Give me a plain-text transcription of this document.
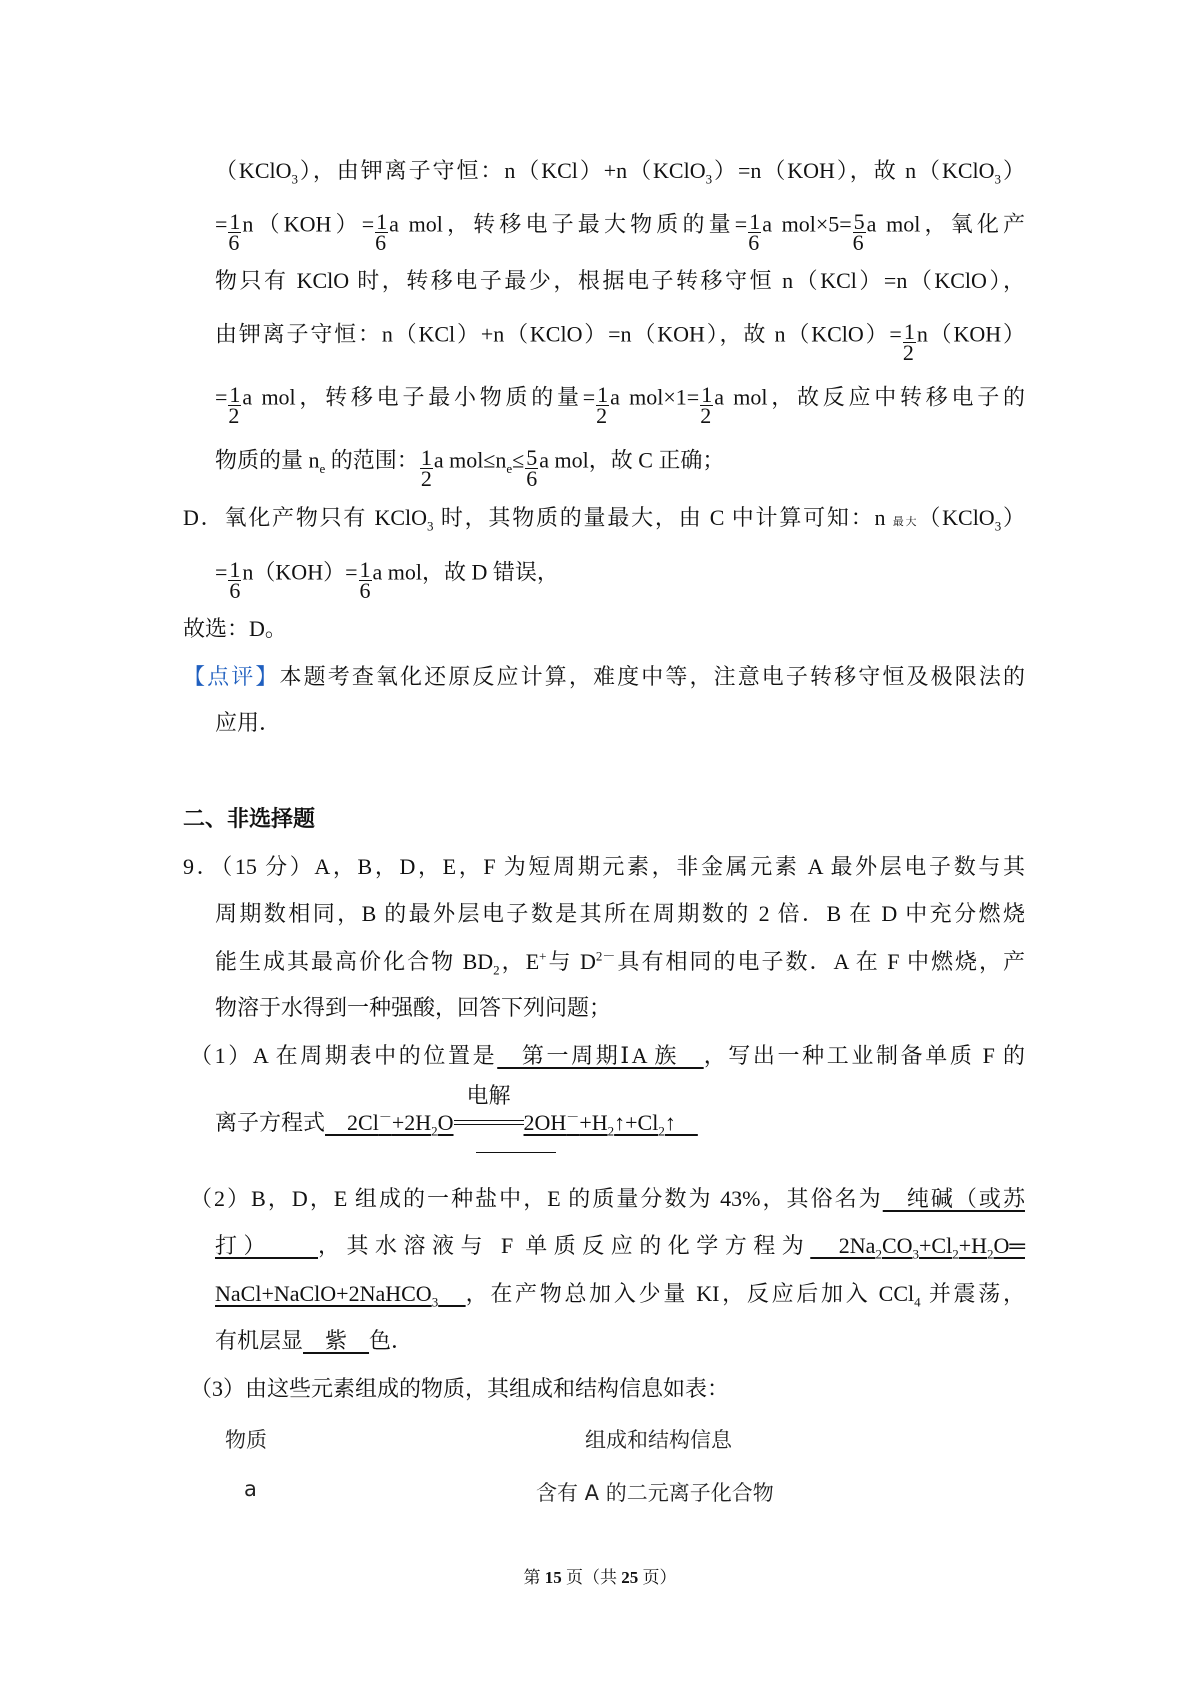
（KClO$_3$），由钾离子守恒：n（KCl）+n（KClO$_3$）=n（KOH），故 n（KClO$_3$）
= $\frac{1}{6} n(KOH)= \frac{1}{6}$ a mol，转移电子最大物质的量= $\frac{1}{6}$ a $mol\times 5= \frac{5}{6}$ a mol，氧化产
物只有 KClO 时，转移电子最少，根据电子转移守恒 n（KCl）=n（KClO），
由钾离子守恒：n（KCl）+n（KClO）=n（KOH），故 n（KClO）= $\frac{1}{2} n(KOH)$
= $\frac{1}{2}$ a mol，转移电子最小物质的量= $\frac{1}{2}$ a $mol\times 1= \frac{1}{2}$ a mol，故反应中转移电子的
物质的量 $n_e$ 的范围： $\frac{1}{2}$ a $mol\le n_e\le \frac{5}{6}$ a mol，故 C 正确；
D．氧化产物只有 KClO$_3$ 时，其物质的量最大，由 C 中计算可知：n 最大（KClO$_3$）
= $\frac{1}{6} n(KOH)= \frac{1}{6}$ a mol，故 D 错误，
故选：D。
【点评】本题考查氧化还原反应计算，难度中等，注意电子转移守恒及极限法的
应用．
二、非选择题
9．（15 分）A，B，D，E，F 为短周期元素，非金属元素 A 最外层电子数与其
周期数相同，B 的最外层电子数是其所在周期数的 2 倍．B 在 D 中充分燃烧
能生成其最高价化合物 $BD_2$，E+与 $D^{2-}$具有相同的电子数．A 在 F 中燃烧，产
物溶于水得到一种强酸，回答下列问题；
（1）A 在周期表中的位置是　第一周期ⅠA 族　，写出一种工业制备单质 F 的
离子方程式　$2Cl^-+2H_2O$
电解
$2OH^-+H_2↑+Cl_2↑$　
（2）B，D，E 组成的一种盐中，E 的质量分数为 43%，其俗名为　纯碱（或苏
打）　　，其水溶液与 F 单质反应的化学方程为　$2Na_2CO_3+Cl_2+H_2O═$
NaCl+NaClO+2NaHCO$_3$　 ，在产物总加入少量 KI，反应后加入 CCl$_4$ 并震荡，
有机层显　紫　色．
（3）由这些元素组成的物质，其组成和结构信息如表：
物质	组成和结构信息
a	含有 A 的二元离子化合物
第 15 页（共 25 页）
